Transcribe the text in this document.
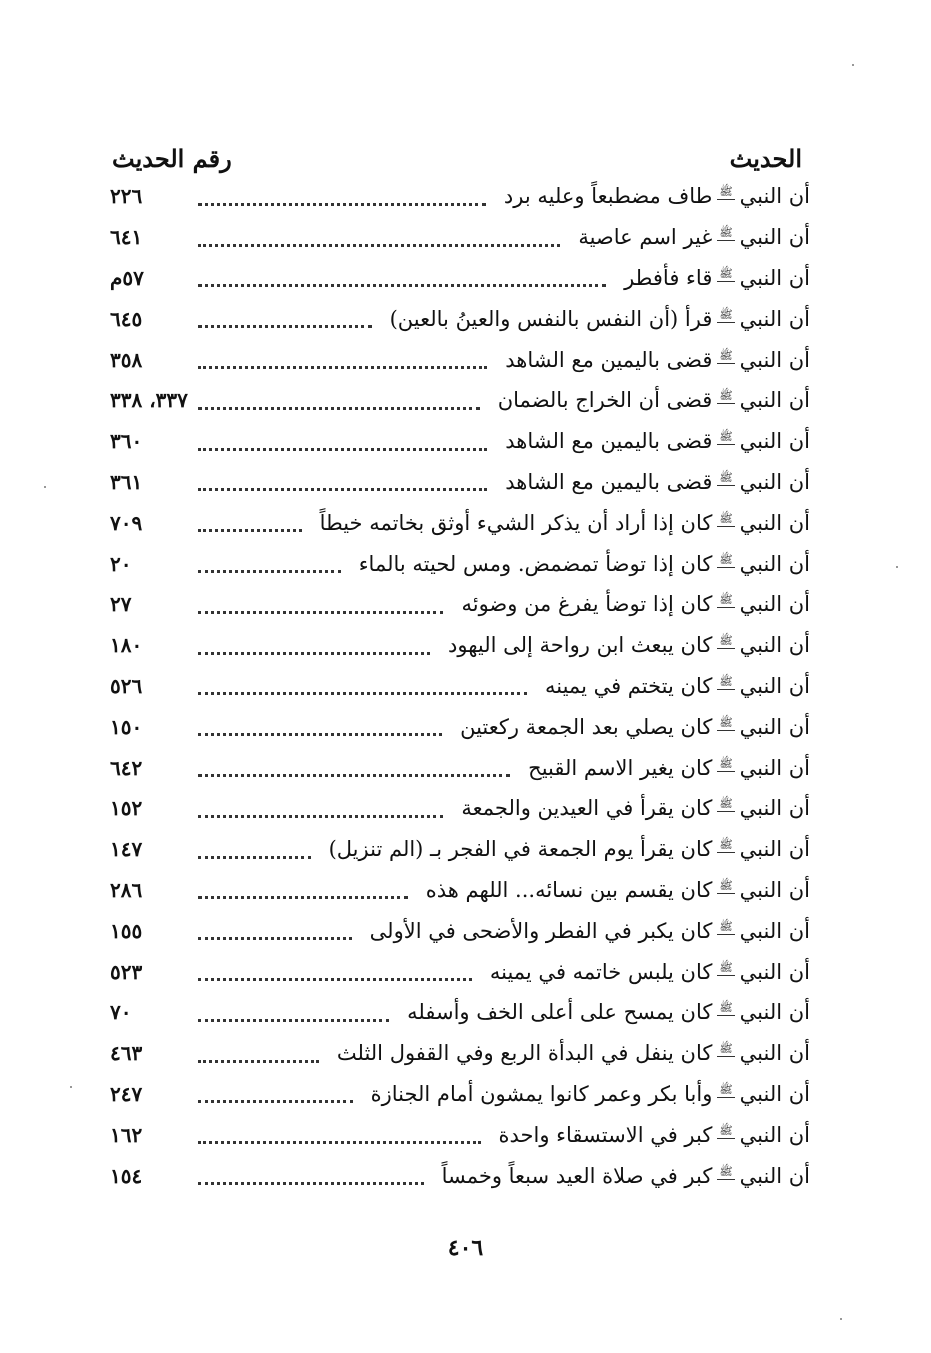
الحديث
رقم الحديث
أن النبي
ﷺ
طاف مضطبعاً وعليه برد
٢٢٦
أن النبي
ﷺ
غير اسم عاصية
٦٤١
أن النبي
ﷺ
قاء فأفطر
٥٧م
أن النبي
ﷺ
قرأ (أن النفس بالنفس والعينُ بالعين)
٦٤٥
أن النبي
ﷺ
قضى باليمين مع الشاهد
٣٥٨
أن النبي
ﷺ
قضى أن الخراج بالضمان
٣٣٧، ٣٣٨
أن النبي
ﷺ
قضى باليمين مع الشاهد
٣٦٠
أن النبي
ﷺ
قضى باليمين مع الشاهد
٣٦١
أن النبي
ﷺ
كان إذا أراد أن يذكر الشيء أوثق بخاتمه خيطاً
٧٠٩
أن النبي
ﷺ
كان إذا توضأ تمضمض. ومس لحيته بالماء
٢٠
أن النبي
ﷺ
كان إذا توضأ يفرغ من وضوئه
٢٧
أن النبي
ﷺ
كان يبعث ابن رواحة إلى اليهود
١٨٠
أن النبي
ﷺ
كان يتختم في يمينه
٥٢٦
أن النبي
ﷺ
كان يصلي بعد الجمعة ركعتين
١٥٠
أن النبي
ﷺ
كان يغير الاسم القبيح
٦٤٢
أن النبي
ﷺ
كان يقرأ في العيدين والجمعة
١٥٢
أن النبي
ﷺ
كان يقرأ يوم الجمعة في الفجر بـ (الم تنزيل)
١٤٧
أن النبي
ﷺ
كان يقسم بين نسائه... اللهم هذه
٢٨٦
أن النبي
ﷺ
كان يكبر في الفطر والأضحى في الأولى
١٥٥
أن النبي
ﷺ
كان يلبس خاتمه في يمينه
٥٢٣
أن النبي
ﷺ
كان يمسح على أعلى الخف وأسفله
٧٠
أن النبي
ﷺ
كان ينفل في البدأة الربع وفي القفول الثلث
٤٦٣
أن النبي
ﷺ
وأبا بكر وعمر كانوا يمشون أمام الجنازة
٢٤٧
أن النبي
ﷺ
كبر في الاستسقاء واحدة
١٦٢
أن النبي
ﷺ
كبر في صلاة العيد سبعاً وخمساً
١٥٤
٤٠٦
